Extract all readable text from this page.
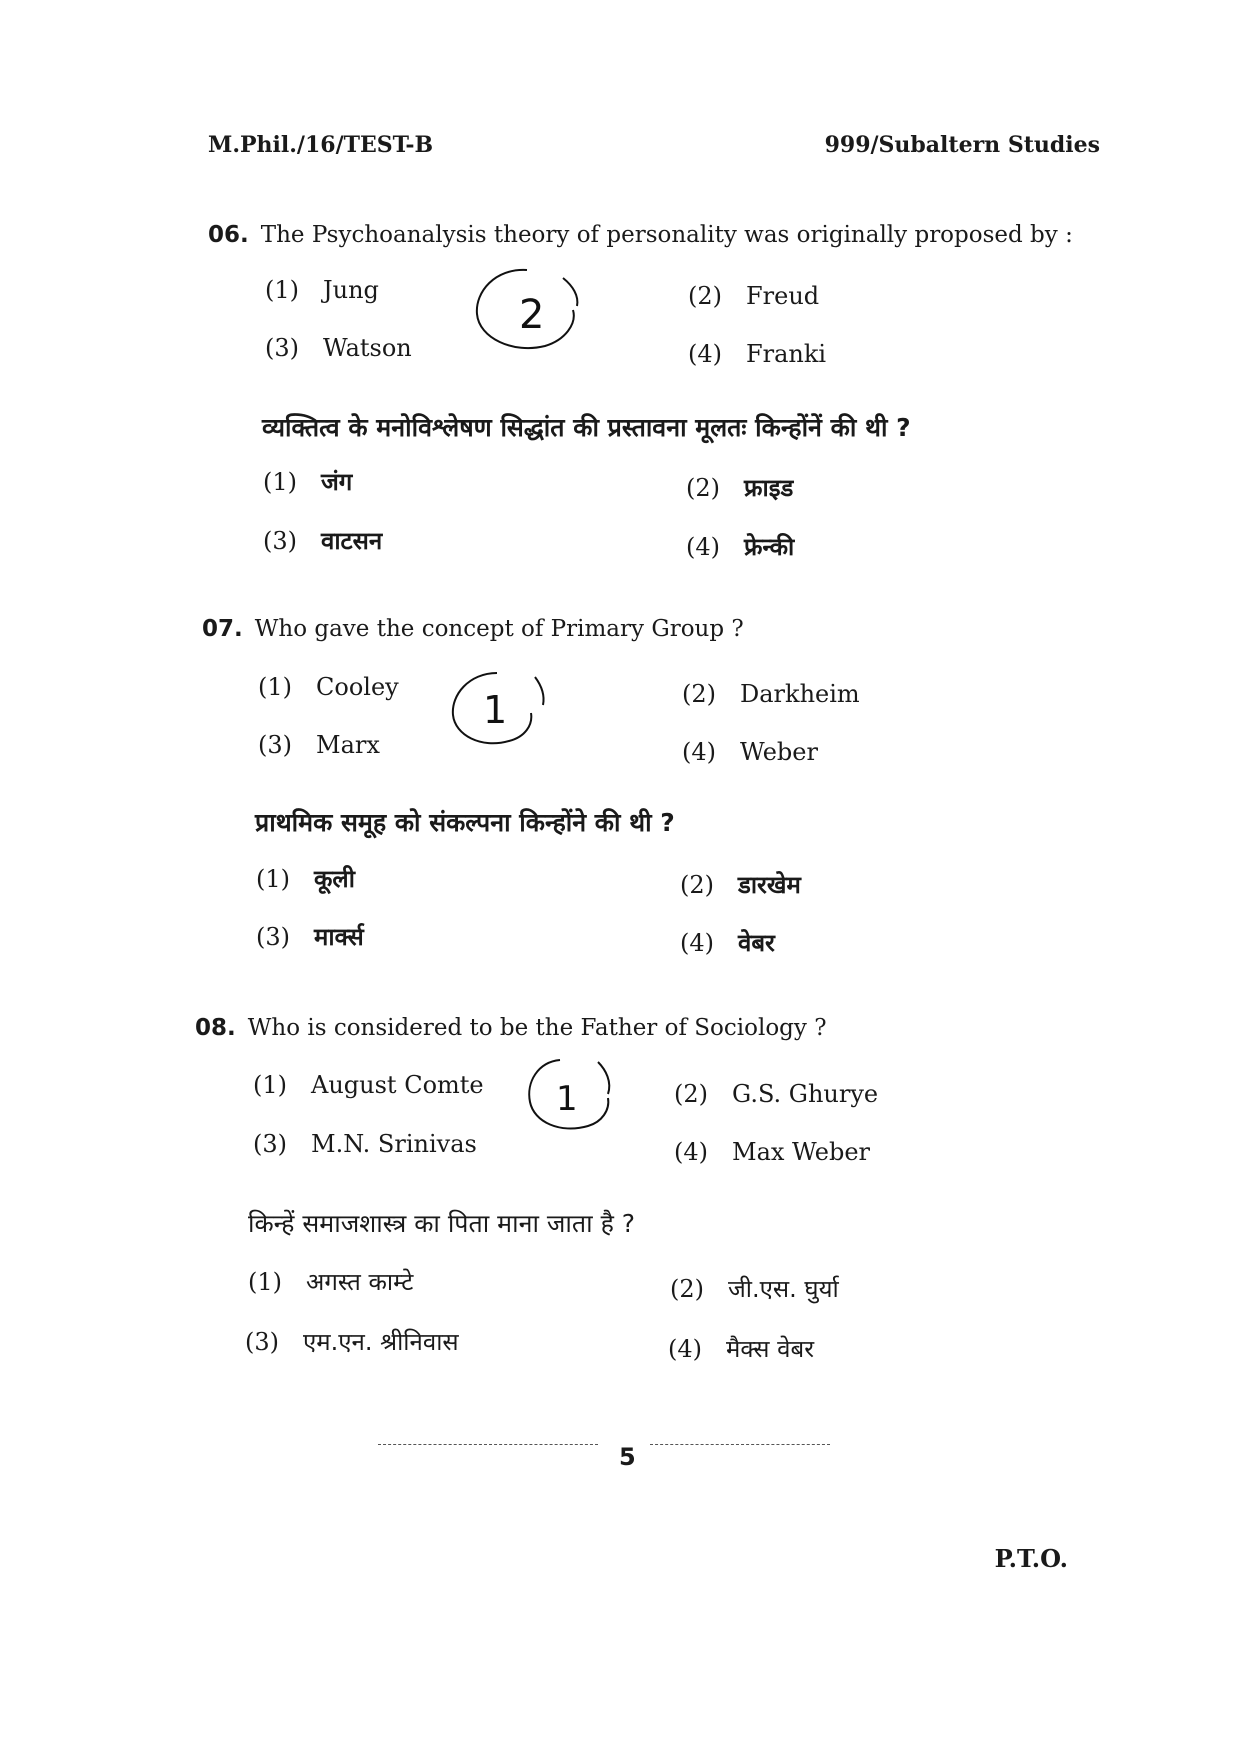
M.Phil./16/TEST-B	999/Subaltern Studies
06. The Psychoanalysis theory of personality was originally proposed by :
(1) Jung	(2) Freud
(3) Watson	(4) Franki
व्यक्तित्व के मनोविश्लेषण सिद्धांत की प्रस्तावना मूलतः किन्होंनें की थी ?
(1) जंग	(2) फ्राइड
(3) वाटसन	(4) फ्रेन्की
2
07. Who gave the concept of Primary Group ?
(1) Cooley	(2) Darkheim
(3) Marx	(4) Weber
प्राथमिक समूह को संकल्पना किन्होंने की थी ?
(1) कूली	(2) डारखेम
(3) मार्क्स	(4) वेबर
1
08. Who is considered to be the Father of Sociology ?
(1) August Comte	(2) G.S. Ghurye
(3) M.N. Srinivas	(4) Max Weber
किन्हें समाजशास्त्र का पिता माना जाता है ?
(1) अगस्त काम्टे	(2) जी.एस. घुर्या
(3) एम.एन. श्रीनिवास	(4) मैक्स वेबर
1
5
P.T.O.
